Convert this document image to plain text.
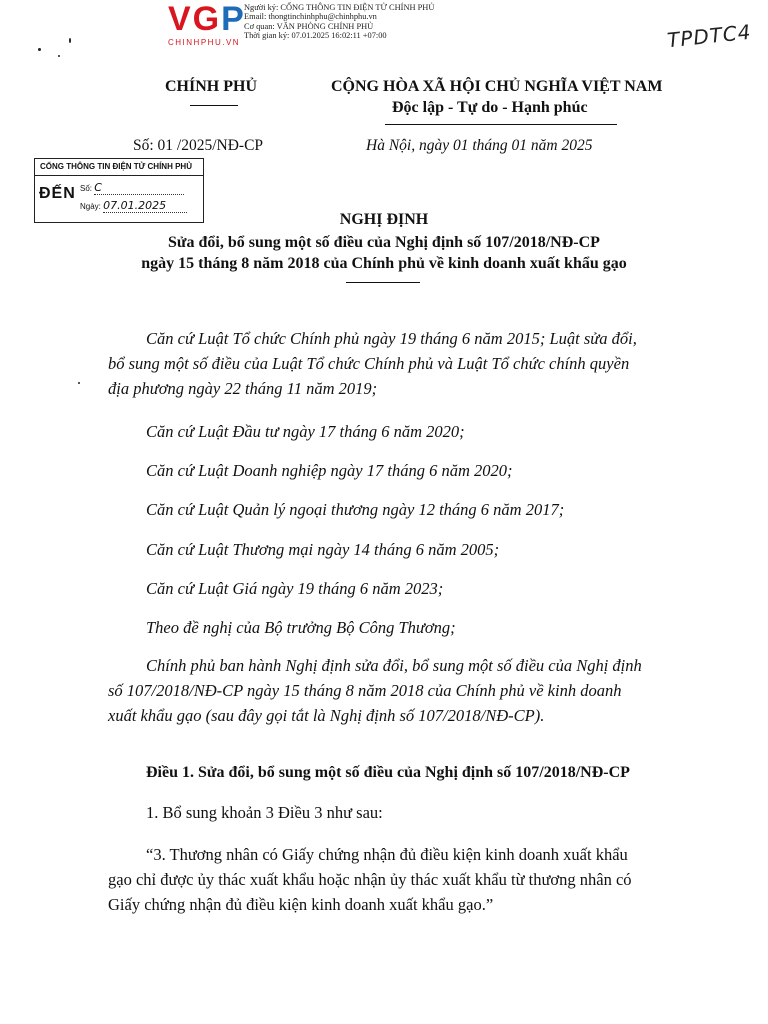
VGP
CHINHPHU.VN
Người ký: CỔNG THÔNG TIN ĐIỆN TỬ CHÍNH PHỦ
Email: thongtinchinhphu@chinhphu.vn
Cơ quan: VĂN PHÒNG CHÍNH PHỦ
Thời gian ký: 07.01.2025 16:02:11 +07:00	TPDTC4
CHÍNH PHỦ	CỘNG HÒA XÃ HỘI CHỦ NGHĨA VIỆT NAM
Độc lập - Tự do - Hạnh phúc
Số: 01 /2025/NĐ-CP	Hà Nội, ngày 01 tháng 01 năm 2025
CỔNG THÔNG TIN ĐIỆN TỬ CHÍNH PHỦ
ĐẾN Số: C
Ngày: 07.01.2025
NGHỊ ĐỊNH
Sửa đổi, bổ sung một số điều của Nghị định số 107/2018/NĐ-CP
ngày 15 tháng 8 năm 2018 của Chính phủ về kinh doanh xuất khẩu gạo
Căn cứ Luật Tổ chức Chính phủ ngày 19 tháng 6 năm 2015; Luật sửa đổi,
bổ sung một số điều của Luật Tổ chức Chính phủ và Luật Tổ chức chính quyền
địa phương ngày 22 tháng 11 năm 2019;
Căn cứ Luật Đầu tư ngày 17 tháng 6 năm 2020;
Căn cứ Luật Doanh nghiệp ngày 17 tháng 6 năm 2020;
Căn cứ Luật Quản lý ngoại thương ngày 12 tháng 6 năm 2017;
Căn cứ Luật Thương mại ngày 14 tháng 6 năm 2005;
Căn cứ Luật Giá ngày 19 tháng 6 năm 2023;
Theo đề nghị của Bộ trưởng Bộ Công Thương;
Chính phủ ban hành Nghị định sửa đổi, bổ sung một số điều của Nghị định
số 107/2018/NĐ-CP ngày 15 tháng 8 năm 2018 của Chính phủ về kinh doanh
xuất khẩu gạo (sau đây gọi tắt là Nghị định số 107/2018/NĐ-CP).
Điều 1. Sửa đổi, bổ sung một số điều của Nghị định số 107/2018/NĐ-CP
1. Bổ sung khoản 3 Điều 3 như sau:
“3. Thương nhân có Giấy chứng nhận đủ điều kiện kinh doanh xuất khẩu
gạo chỉ được ủy thác xuất khẩu hoặc nhận ủy thác xuất khẩu từ thương nhân có
Giấy chứng nhận đủ điều kiện kinh doanh xuất khẩu gạo.”
